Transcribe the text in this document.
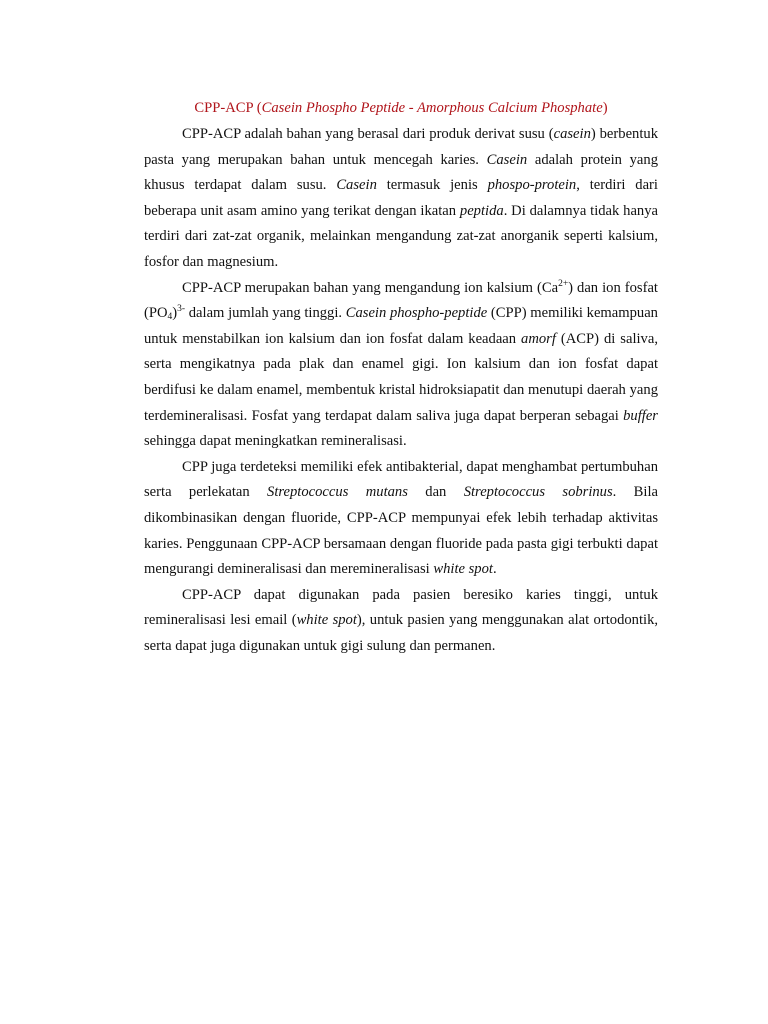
CPP-ACP (Casein Phospho Peptide - Amorphous Calcium Phosphate)

CPP-ACP adalah bahan yang berasal dari produk derivat susu (casein) berbentuk pasta yang merupakan bahan untuk mencegah karies. Casein adalah protein yang khusus terdapat dalam susu. Casein termasuk jenis phospo-protein, terdiri dari beberapa unit asam amino yang terikat dengan ikatan peptida. Di dalamnya tidak hanya terdiri dari zat-zat organik, melainkan mengandung zat-zat anorganik seperti kalsium, fosfor dan magnesium.

CPP-ACP merupakan bahan yang mengandung ion kalsium $(Ca^{2+})$ dan ion fosfat $(PO_4)^{3-}$ dalam jumlah yang tinggi. Casein phospho-peptide (CPP) memiliki kemampuan untuk menstabilkan ion kalsium dan ion fosfat dalam keadaan amorf (ACP) di saliva, serta mengikatnya pada plak dan enamel gigi. Ion kalsium dan ion fosfat dapat berdifusi ke dalam enamel, membentuk kristal hidroksiapatit dan menutupi daerah yang terdemineralisasi. Fosfat yang terdapat dalam saliva juga dapat berperan sebagai buffer sehingga dapat meningkatkan remineralisasi.

CPP juga terdeteksi memiliki efek antibakterial, dapat menghambat pertumbuhan serta perlekatan Streptococcus mutans dan Streptococcus sobrinus. Bila dikombinasikan dengan fluoride, CPP-ACP mempunyai efek lebih terhadap aktivitas karies. Penggunaan CPP-ACP bersamaan dengan fluoride pada pasta gigi terbukti dapat mengurangi demineralisasi dan meremineralisasi white spot.

CPP-ACP dapat digunakan pada pasien beresiko karies tinggi, untuk remineralisasi lesi email (white spot), untuk pasien yang menggunakan alat ortodontik, serta dapat juga digunakan untuk gigi sulung dan permanen.
